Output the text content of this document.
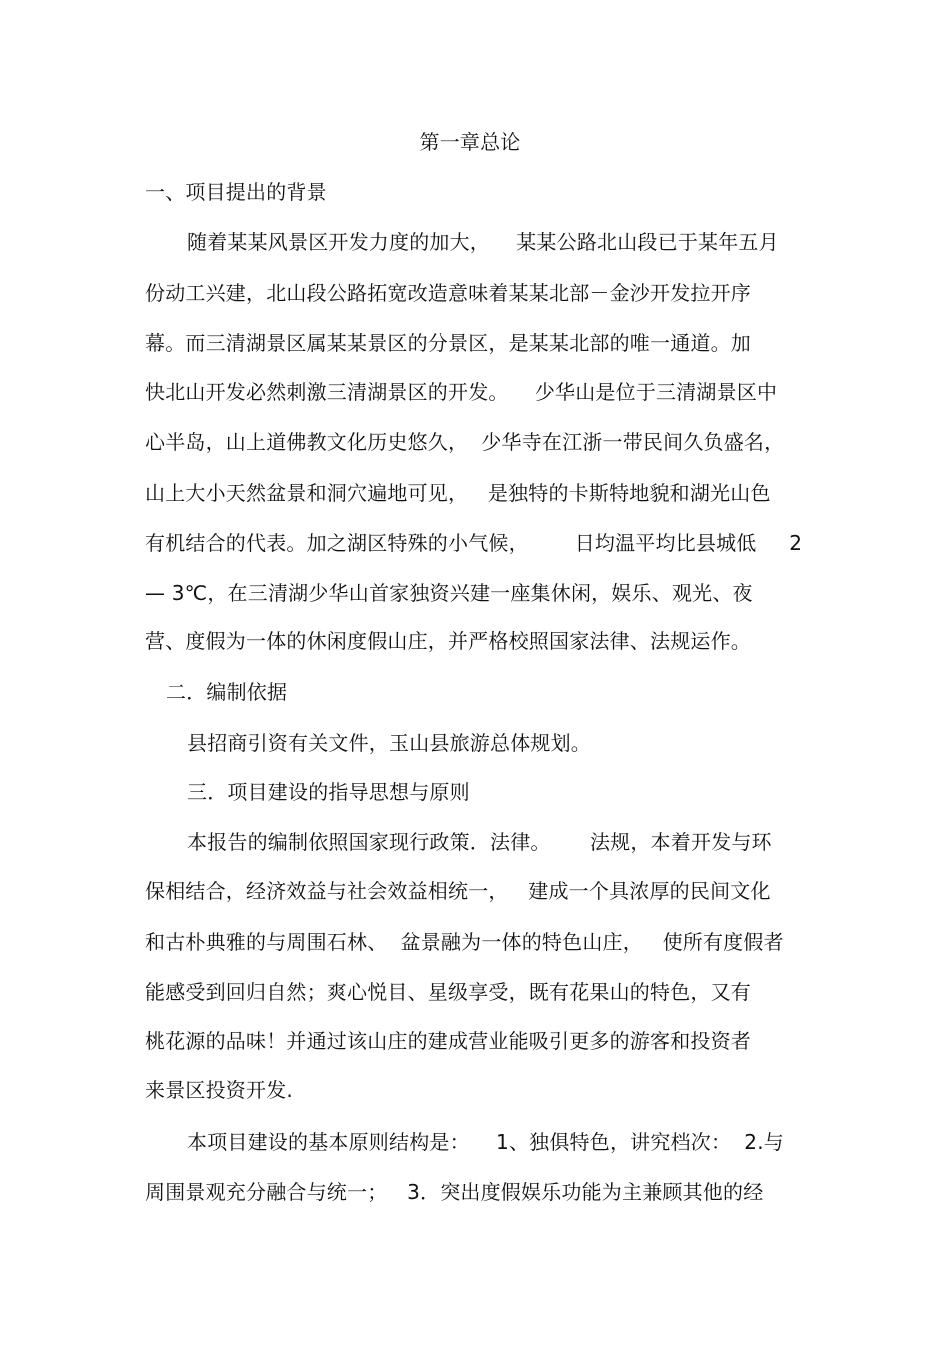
第一章总论
一、项目提出的背景
随着某某风景区开发力度的加大，    某某公路北山段已于某年五月
份动工兴建，北山段公路拓宽改造意味着某某北部－金沙开发拉开序
幕。而三清湖景区属某某景区的分景区，是某某北部的唯一通道。加
快北山开发必然刺激三清湖景区的开发。    少华山是位于三清湖景区中
心半岛，山上道佛教文化历史悠久，  少华寺在江浙一带民间久负盛名，
山上大小天然盆景和洞穴遍地可见，   是独特的卡斯特地貌和湖光山色
有机结合的代表。加之湖区特殊的小气候，       日均温平均比县城低     2
— 3℃，在三清湖少华山首家独资兴建一座集休闲，娱乐、观光、夜
营、度假为一体的休闲度假山庄，并严格校照国家法律、法规运作。
二．编制依据
县招商引资有关文件，玉山县旅游总体规划。
三．项目建设的指导思想与原则
本报告的编制依照国家现行政策．法律。      法规，本着开发与环
保相结合，经济效益与社会效益相统一，   建成一个具浓厚的民间文化
和古朴典雅的与周围石林、  盆景融为一体的特色山庄，   使所有度假者
能感受到回归自然；爽心悦目、星级享受，既有花果山的特色，又有
桃花源的品味！并通过该山庄的建成营业能吸引更多的游客和投资者
来景区投资开发.
本项目建设的基本原则结构是：    1、独俱特色，讲究档次：  2.与
周围景观充分融合与统一；   3．突出度假娱乐功能为主兼顾其他的经
